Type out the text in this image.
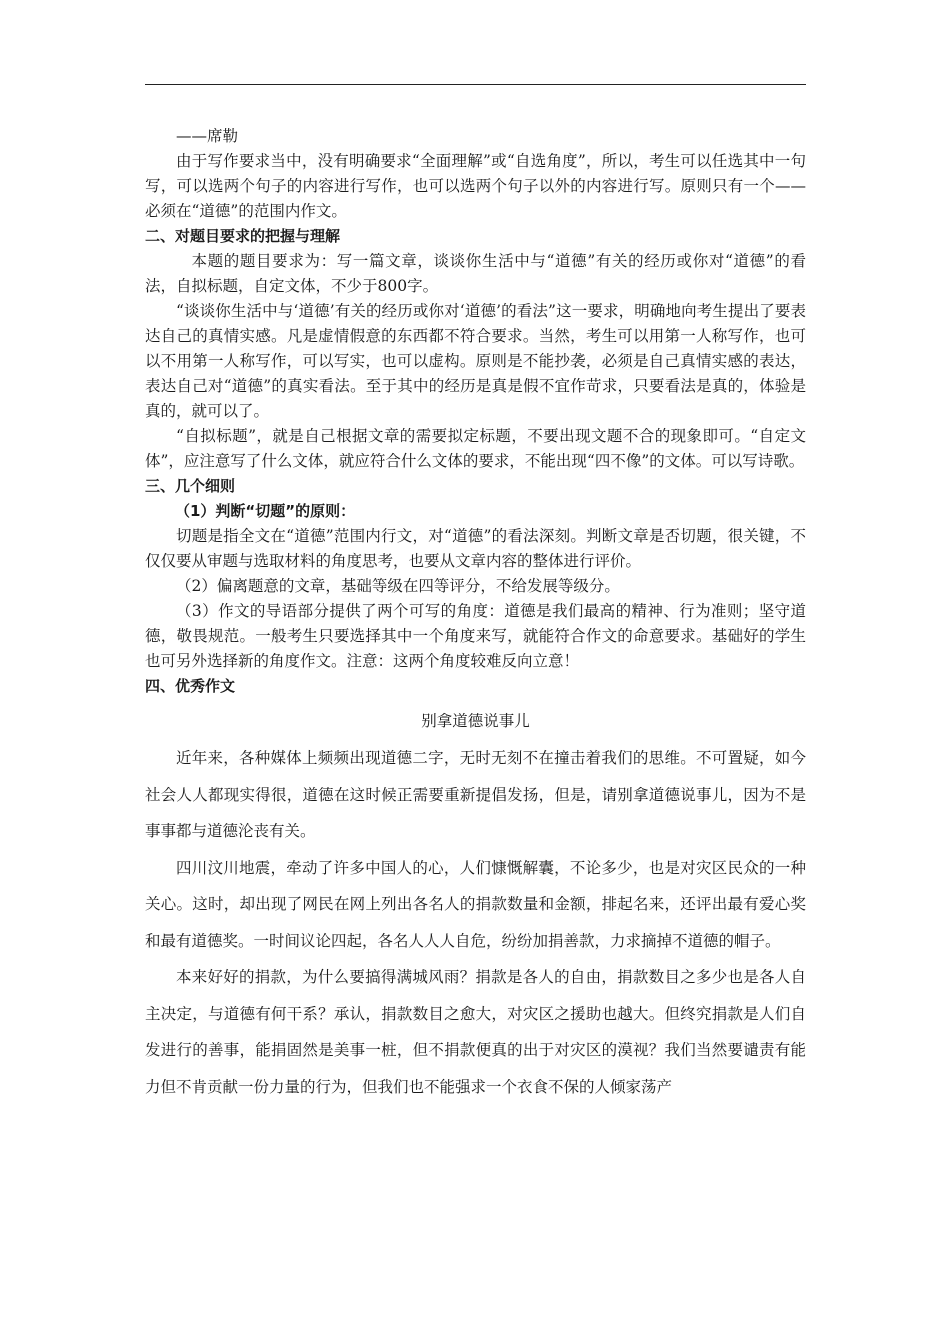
——席勒

由于写作要求当中，没有明确要求“全面理解”或“自选角度”，所以，考生可以任选其中一句写，可以选两个句子的内容进行写作，也可以选两个句子以外的内容进行写。原则只有一个——必须在“道德”的范围内作文。

二、对题目要求的把握与理解

本题的题目要求为：写一篇文章，谈谈你生活中与“道德”有关的经历或你对“道德”的看法，自拟标题，自定文体，不少于800字。

“谈谈你生活中与‘道德’有关的经历或你对‘道德’的看法”这一要求，明确地向考生提出了要表达自己的真情实感。凡是虚情假意的东西都不符合要求。当然，考生可以用第一人称写作，也可以不用第一人称写作，可以写实，也可以虚构。原则是不能抄袭，必须是自己真情实感的表达，表达自己对“道德”的真实看法。至于其中的经历是真是假不宜作苛求，只要看法是真的，体验是真的，就可以了。

“自拟标题”，就是自己根据文章的需要拟定标题，不要出现文题不合的现象即可。“自定文体”，应注意写了什么文体，就应符合什么文体的要求，不能出现“四不像”的文体。可以写诗歌。

三、几个细则
（1）判断“切题”的原则：

切题是指全文在“道德”范围内行文，对“道德”的看法深刻。判断文章是否切题，很关键，不仅仅要从审题与选取材料的角度思考，也要从文章内容的整体进行评价。

（2）偏离题意的文章，基础等级在四等评分，不给发展等级分。

（3）作文的导语部分提供了两个可写的角度：道德是我们最高的精神、行为准则；坚守道德，敬畏规范。一般考生只要选择其中一个角度来写，就能符合作文的命意要求。基础好的学生也可另外选择新的角度作文。注意：这两个角度较难反向立意！

四、优秀作文

别拿道德说事儿

近年来，各种媒体上频频出现道德二字，无时无刻不在撞击着我们的思维。不可置疑，如今社会人人都现实得很，道德在这时候正需要重新提倡发扬，但是，请别拿道德说事儿，因为不是事事都与道德沦丧有关。

四川汶川地震，牵动了许多中国人的心，人们慷慨解囊，不论多少，也是对灾区民众的一种关心。这时，却出现了网民在网上列出各名人的捐款数量和金额，排起名来，还评出最有爱心奖和最有道德奖。一时间议论四起，各名人人人自危，纷纷加捐善款，力求摘掉不道德的帽子。

本来好好的捐款，为什么要搞得满城风雨？捐款是各人的自由，捐款数目之多少也是各人自主决定，与道德有何干系？承认，捐款数目之愈大，对灾区之援助也越大。但终究捐款是人们自发进行的善事，能捐固然是美事一桩，但不捐款便真的出于对灾区的漠视？我们当然要谴责有能力但不肯贡献一份力量的行为，但我们也不能强求一个衣食不保的人倾家荡产
